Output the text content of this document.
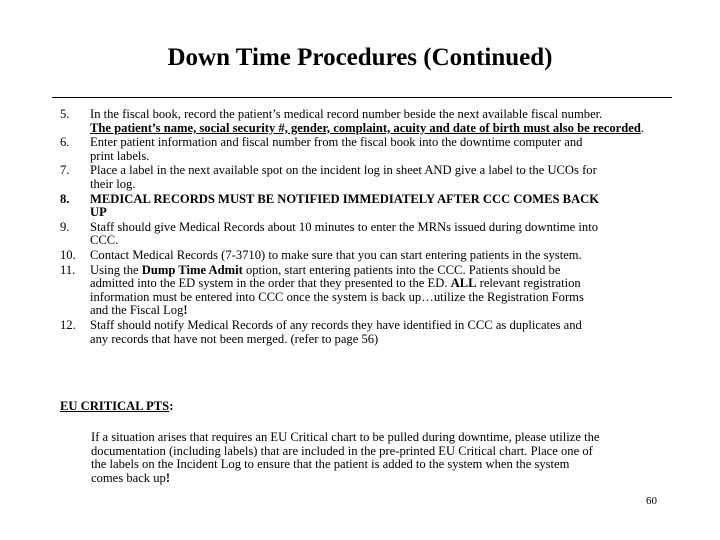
Down Time Procedures (Continued)
5. In the fiscal book, record the patient’s medical record number beside the next available fiscal number.
The patient’s name, social security #, gender, complaint, acuity and date of birth must also be recorded.
6. Enter patient information and fiscal number from the fiscal book into the downtime computer and
print labels.
7. Place a label in the next available spot on the incident log in sheet AND give a label to the UCOs for
their log.
8. MEDICAL RECORDS MUST BE NOTIFIED IMMEDIATELY AFTER CCC COMES BACK
UP
9. Staff should give Medical Records about 10 minutes to enter the MRNs issued during downtime into
CCC.
10. Contact Medical Records (7-3710) to make sure that you can start entering patients in the system.
11. Using the Dump Time Admit option, start entering patients into the CCC. Patients should be
admitted into the ED system in the order that they presented to the ED. ALL relevant registration
information must be entered into CCC once the system is back up…utilize the Registration Forms
and the Fiscal Log!
12. Staff should notify Medical Records of any records they have identified in CCC as duplicates and
any records that have not been merged. (refer to page 56)

EU CRITICAL PTS:

If a situation arises that requires an EU Critical chart to be pulled during downtime, please utilize the
documentation (including labels) that are included in the pre-printed EU Critical chart. Place one of
the labels on the Incident Log to ensure that the patient is added to the system when the system
comes back up!

60
